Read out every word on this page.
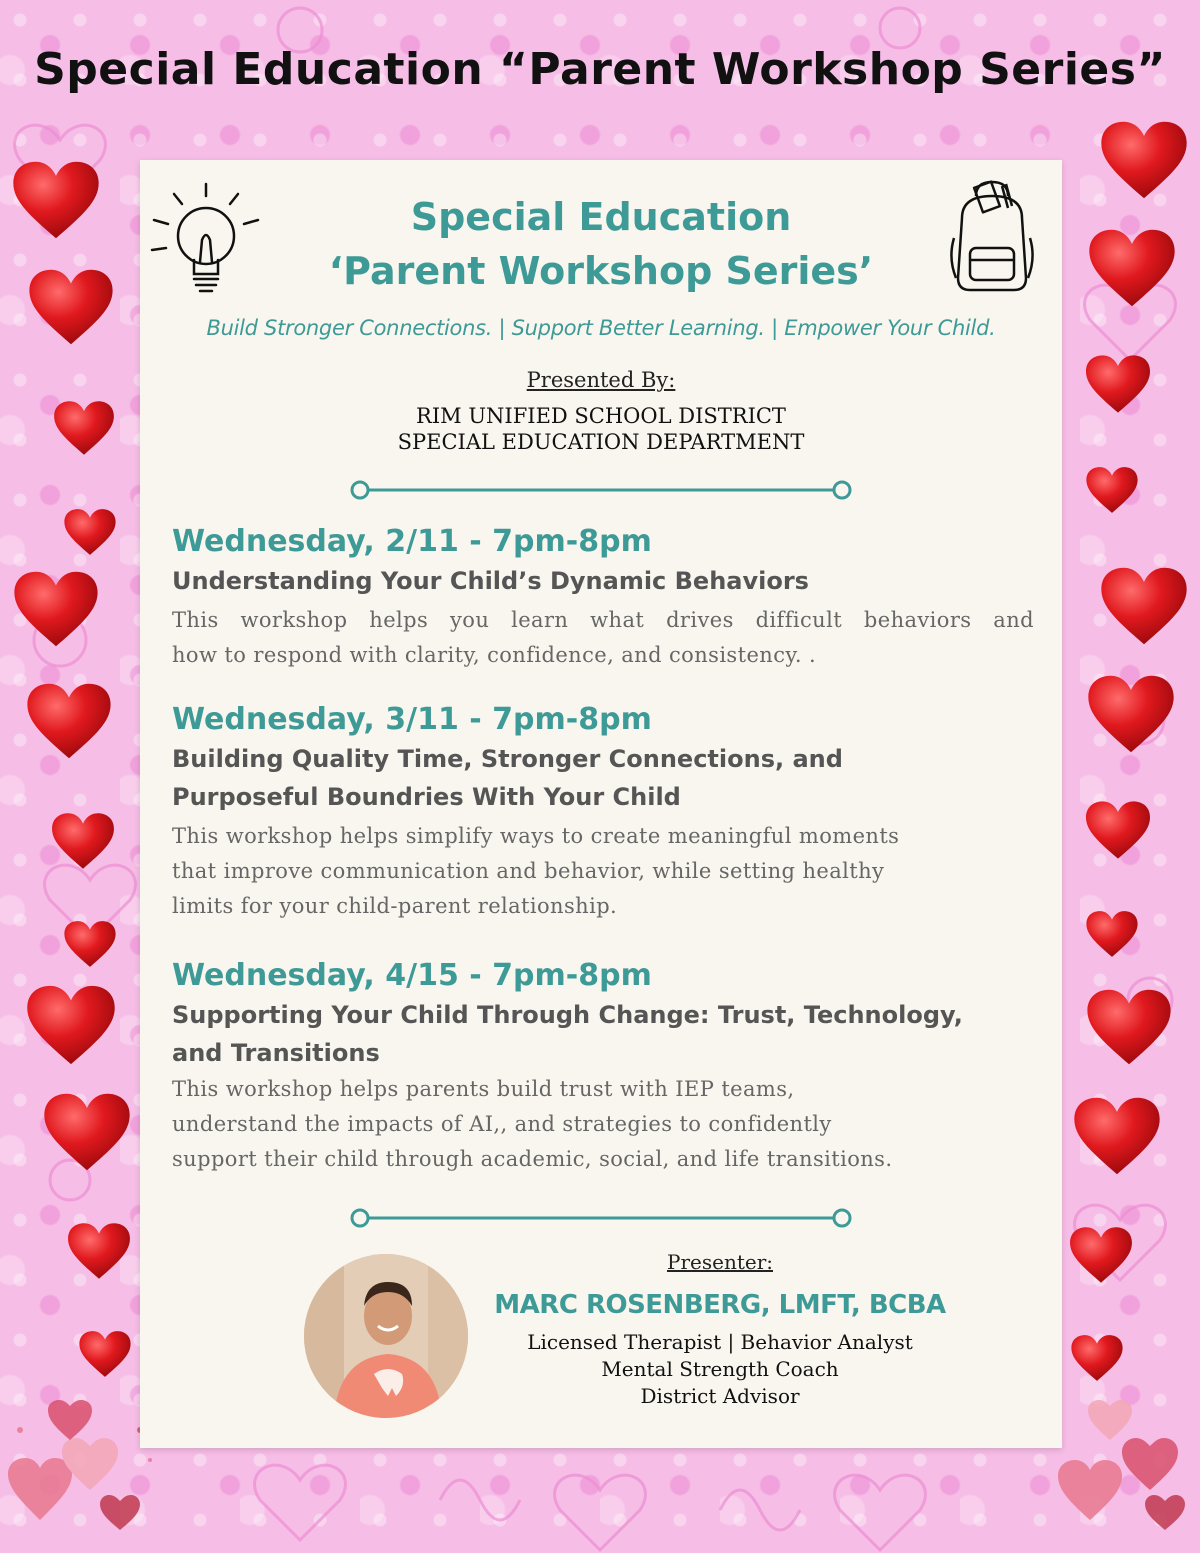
Special Education “Parent Workshop Series”
Special Education
‘Parent Workshop Series’
Build Stronger Connections. | Support Better Learning. | Empower Your Child.
Presented By:
RIM UNIFIED SCHOOL DISTRICT
SPECIAL EDUCATION DEPARTMENT
Wednesday, 2/11 - 7pm-8pm
Understanding Your Child’s Dynamic Behaviors
This workshop helps you learn what drives difficult behaviors and
how to respond with clarity, confidence, and consistency. .
Wednesday, 3/11 - 7pm-8pm
Building Quality Time, Stronger Connections, and
Purposeful Boundries With Your Child
This workshop helps simplify ways to create meaningful moments
that improve communication and behavior, while setting healthy
limits for your child-parent relationship.
Wednesday, 4/15 - 7pm-8pm
Supporting Your Child Through Change: Trust, Technology,
and Transitions
This workshop helps parents build trust with IEP teams,
understand the impacts of AI,, and strategies to confidently
support their child through academic, social, and life transitions.
Presenter:
MARC ROSENBERG, LMFT, BCBA
Licensed Therapist | Behavior Analyst
Mental Strength Coach
District Advisor
